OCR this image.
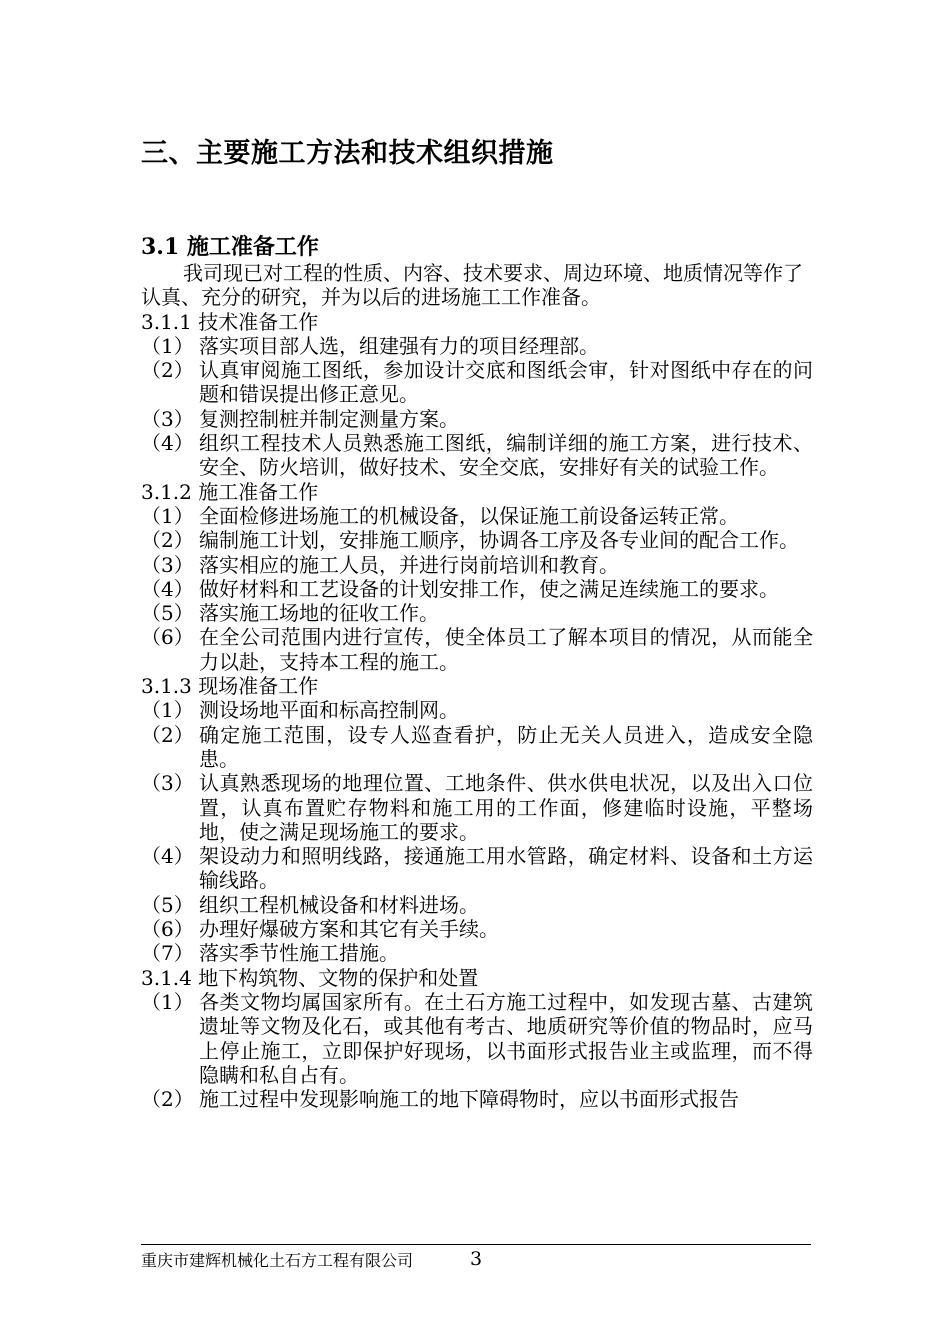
三、主要施工方法和技术组织措施
3.1 施工准备工作
我司现已对工程的性质、内容、技术要求、周边环境、地质情况等作了认真、充分的研究，并为以后的进场施工工作准备。
3.1.1 技术准备工作
（1） 落实项目部人选，组建强有力的项目经理部。
（2） 认真审阅施工图纸，参加设计交底和图纸会审，针对图纸中存在的问题和错误提出修正意见。
（3） 复测控制桩并制定测量方案。
（4） 组织工程技术人员熟悉施工图纸，编制详细的施工方案，进行技术、安全、防火培训，做好技术、安全交底，安排好有关的试验工作。
3.1.2 施工准备工作
（1） 全面检修进场施工的机械设备，以保证施工前设备运转正常。
（2） 编制施工计划，安排施工顺序，协调各工序及各专业间的配合工作。
（3） 落实相应的施工人员，并进行岗前培训和教育。
（4） 做好材料和工艺设备的计划安排工作，使之满足连续施工的要求。
（5） 落实施工场地的征收工作。
（6） 在全公司范围内进行宣传，使全体员工了解本项目的情况，从而能全力以赴，支持本工程的施工。
3.1.3 现场准备工作
（1） 测设场地平面和标高控制网。
（2） 确定施工范围，设专人巡查看护，防止无关人员进入，造成安全隐患。
（3） 认真熟悉现场的地理位置、工地条件、供水供电状况，以及出入口位置，认真布置贮存物料和施工用的工作面，修建临时设施，平整场地，使之满足现场施工的要求。
（4） 架设动力和照明线路，接通施工用水管路，确定材料、设备和土方运输线路。
（5） 组织工程机械设备和材料进场。
（6） 办理好爆破方案和其它有关手续。
（7） 落实季节性施工措施。
3.1.4 地下构筑物、文物的保护和处置
（1） 各类文物均属国家所有。在土石方施工过程中，如发现古墓、古建筑遗址等文物及化石，或其他有考古、地质研究等价值的物品时，应马上停止施工，立即保护好现场，以书面形式报告业主或监理，而不得隐瞒和私自占有。
（2） 施工过程中发现影响施工的地下障碍物时，应以书面形式报告
重庆市建辉机械化土石方工程有限公司	3
